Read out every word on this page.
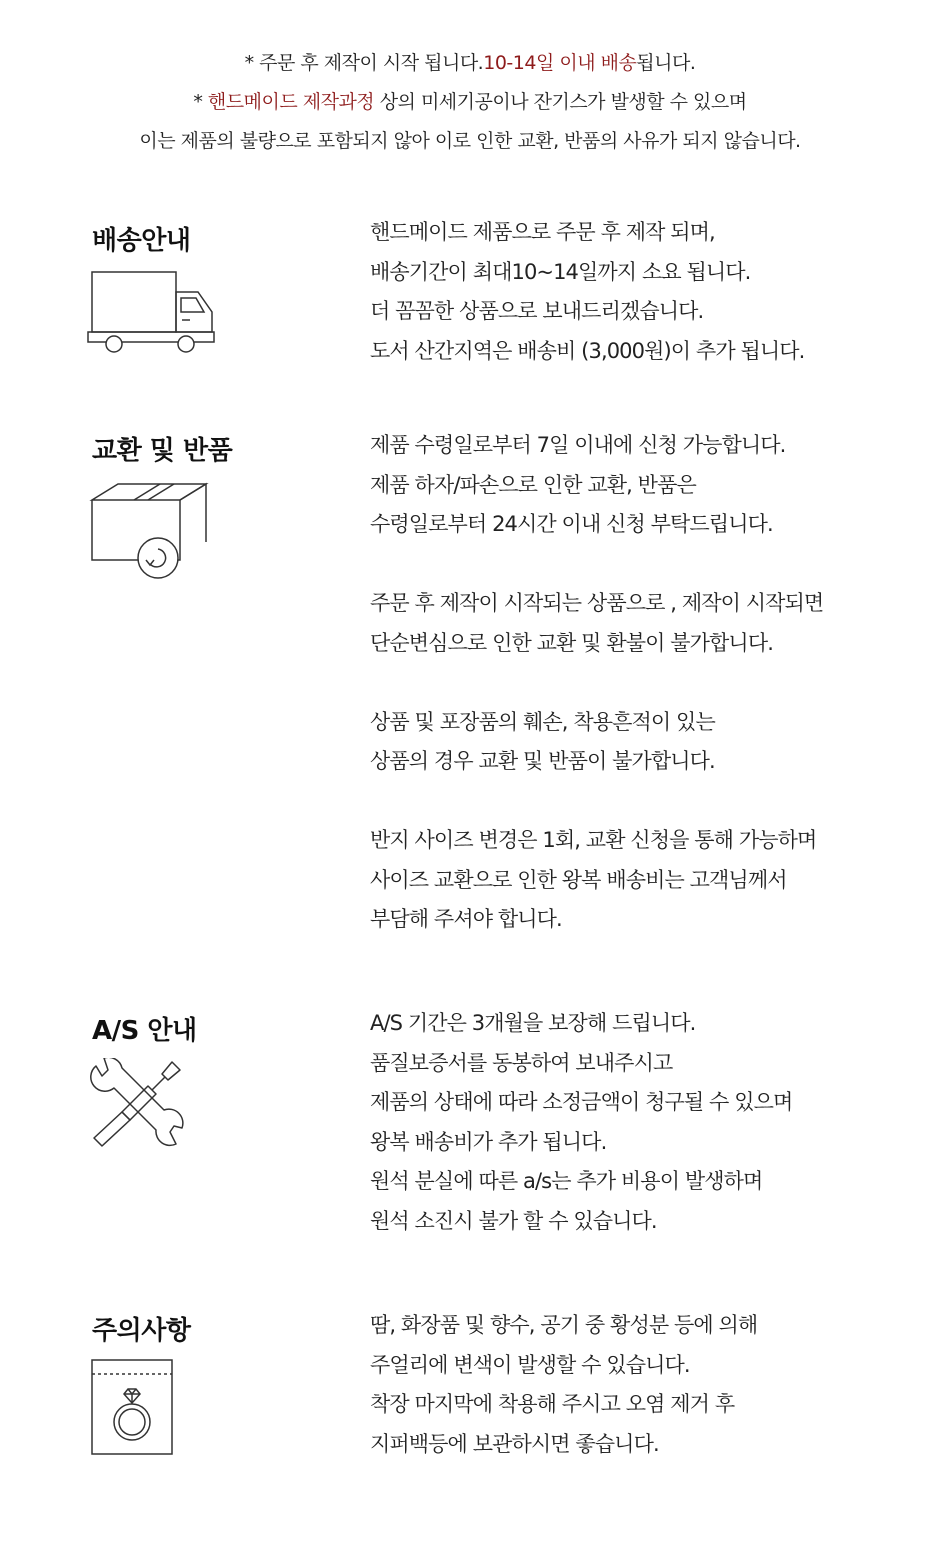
* 주문 후 제작이 시작 됩니다.10-14일 이내 배송됩니다.
* 핸드메이드 제작과정 상의 미세기공이나 잔기스가 발생할 수 있으며
이는 제품의 불량으로 포함되지 않아 이로 인한 교환, 반품의 사유가 되지 않습니다.
배송안내	핸드메이드 제품으로 주문 후 제작 되며,
배송기간이 최대10~14일까지 소요 됩니다.
더 꼼꼼한 상품으로 보내드리겠습니다.
도서 산간지역은 배송비 (3,000원)이 추가 됩니다.
교환 및 반품	제품 수령일로부터 7일 이내에 신청 가능합니다.
제품 하자/파손으로 인한 교환, 반품은
수령일로부터 24시간 이내 신청 부탁드립니다.
주문 후 제작이 시작되는 상품으로 , 제작이 시작되면
단순변심으로 인한 교환 및 환불이 불가합니다.
상품 및 포장품의 훼손, 착용흔적이 있는
상품의 경우 교환 및 반품이 불가합니다.
반지 사이즈 변경은 1회, 교환 신청을 통해 가능하며
사이즈 교환으로 인한 왕복 배송비는 고객님께서
부담해 주셔야 합니다.
A/S 안내	A/S 기간은 3개월을 보장해 드립니다.
품질보증서를 동봉하여 보내주시고
제품의 상태에 따라 소정금액이 청구될 수 있으며
왕복 배송비가 추가 됩니다.
원석 분실에 따른 a/s는 추가 비용이 발생하며
원석 소진시 불가 할 수 있습니다.
주의사항	땀, 화장품 및 향수, 공기 중 황성분 등에 의해
주얼리에 변색이 발생할 수 있습니다.
착장 마지막에 착용해 주시고 오염 제거 후
지퍼백등에 보관하시면 좋습니다.
